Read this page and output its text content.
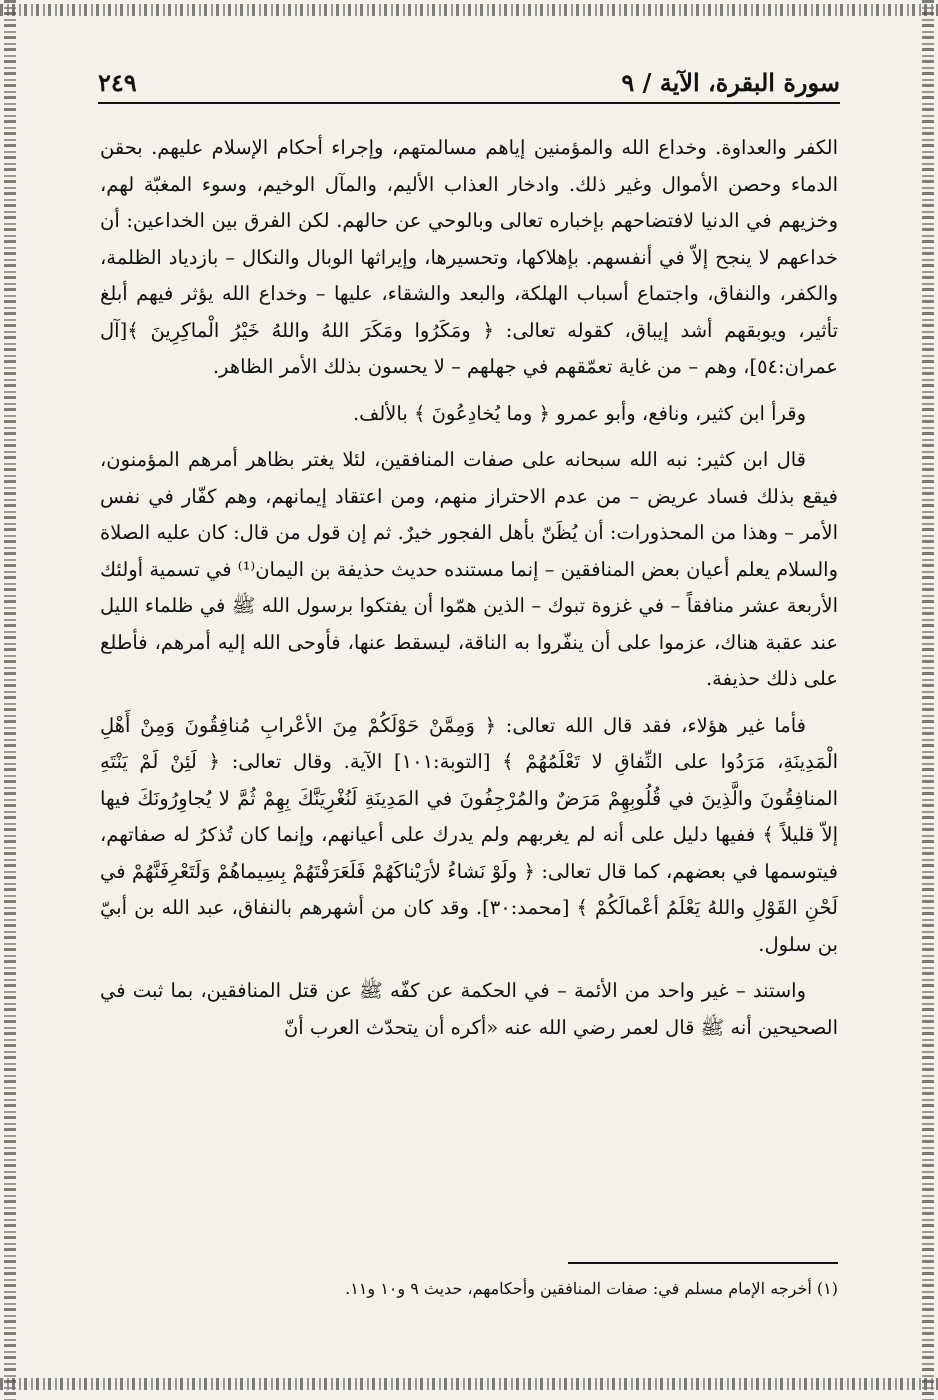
سورة البقرة، الآية / ٩
٢٤٩

الكفر والعداوة. وخداع الله والمؤمنين إياهم مسالمتهم، وإجراء أحكام الإسلام عليهم. بحقن الدماء وحصن الأموال وغير ذلك. وادخار العذاب الأليم، والمآل الوخيم، وسوء المغبّة لهم، وخزيهم في الدنيا لافتضاحهم بإخباره تعالى وبالوحي عن حالهم. لكن الفرق بين الخداعين: أن خداعهم لا ينجح إلاّ في أنفسهم. بإهلاكها، وتحسيرها، وإيراثها الوبال والنكال – بازدياد الظلمة، والكفر، والنفاق، واجتماع أسباب الهلكة، والبعد والشقاء، عليها – وخداع الله يؤثر فيهم أبلغ تأثير، ويوبقهم أشد إيباق، كقوله تعالى: ﴿ ومَكَرُوا ومَكَرَ اللهُ واللهُ خَيْرُ الْماكِرِينَ ﴾[آل عمران:٥٤]، وهم – من غاية تعمّقهم في جهلهم – لا يحسون بذلك الأمر الظاهر.

وقرأ ابن كثير، ونافع، وأبو عمرو ﴿ وما يُخادِعُونَ ﴾ بالألف.

قال ابن كثير: نبه الله سبحانه على صفات المنافقين، لئلا يغتر بظاهر أمرهم المؤمنون، فيقع بذلك فساد عريض – من عدم الاحتراز منهم، ومن اعتقاد إيمانهم، وهم كفّار في نفس الأمر – وهذا من المحذورات: أن يُظَنّ بأهل الفجور خيرٌ. ثم إن قول من قال: كان عليه الصلاة والسلام يعلم أعيان بعض المنافقين – إنما مستنده حديث حذيفة بن اليمان⁽¹⁾ في تسمية أولئك الأربعة عشر منافقاً – في غزوة تبوك – الذين همّوا أن يفتكوا برسول الله ﷺ في ظلماء الليل عند عقبة هناك، عزموا على أن ينفّروا به الناقة، ليسقط عنها، فأوحى الله إليه أمرهم، فأطلع على ذلك حذيفة.

فأما غير هؤلاء، فقد قال الله تعالى: ﴿ وَمِمَّنْ حَوْلَكُمْ مِنَ الأعْرابِ مُنافِقُونَ وَمِنْ أَهْلِ الْمَدِينَةِ، مَرَدُوا على النِّفاقِ لا تَعْلَمُهُمْ ﴾ [التوبة:١٠١] الآية. وقال تعالى: ﴿ لَئِنْ لَمْ يَنْتَهِ المنافِقُونَ والَّذِينَ في قُلُوبِهِمْ مَرَضٌ والمُرْجِفُونَ في المَدِينَةِ لَنُغْرِيَنَّكَ بِهِمْ ثُمَّ لا يُجاوِرُونَكَ فيها إلاّ قليلاً ﴾ ففيها دليل على أنه لم يغربهم ولم يدرك على أعيانهم، وإنما كان تُذكرُ له صفاتهم، فيتوسمها في بعضهم، كما قال تعالى: ﴿ ولَوْ نَشاءُ لأرَيْناكَهُمْ فَلَعَرَفْتَهُمْ بِسِيماهُمْ وَلَتَعْرِفَنَّهُمْ في لَحْنِ القَوْلِ واللهُ يَعْلَمُ أعْمالَكُمْ ﴾ [محمد:٣٠]. وقد كان من أشهرهم بالنفاق، عبد الله بن أبيّ بن سلول.

واستند – غير واحد من الأئمة – في الحكمة عن كفّه ﷺ عن قتل المنافقين، بما ثبت في الصحيحين أنه ﷺ قال لعمر رضي الله عنه «أكره أن يتحدّث العرب أنّ

(١) أخرجه الإمام مسلم في: صفات المنافقين وأحكامهم، حديث ٩ و١٠ و١١.
